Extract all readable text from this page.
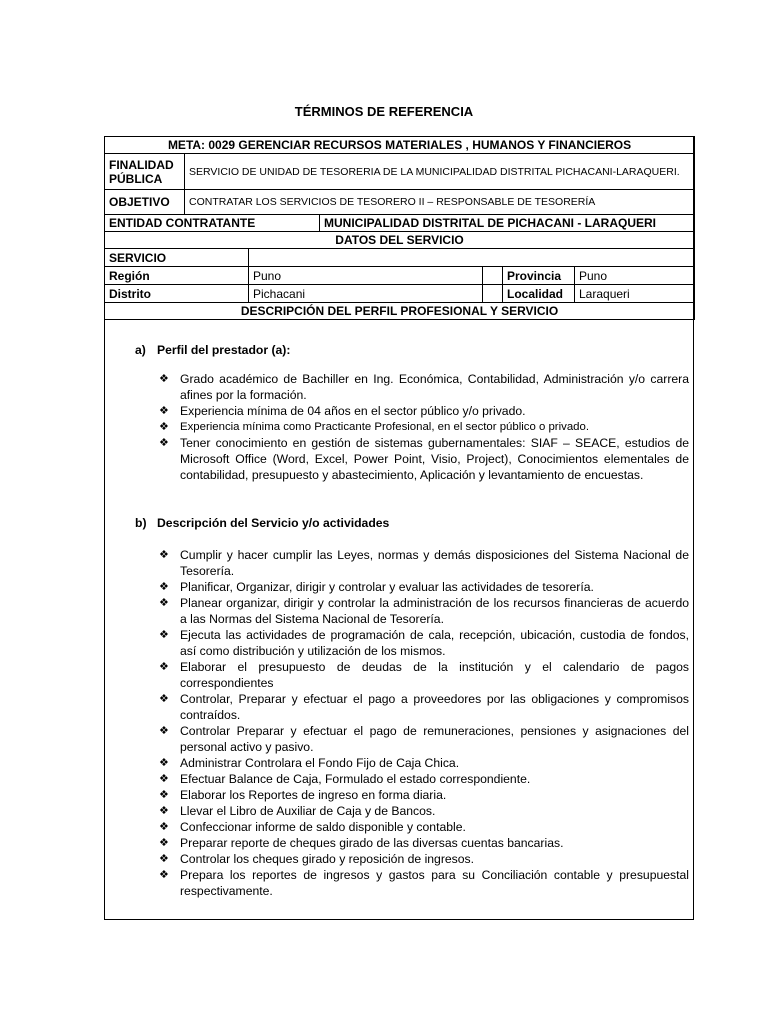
TÉRMINOS DE REFERENCIA
META: 0029 GERENCIAR RECURSOS MATERIALES , HUMANOS Y FINANCIEROS						
FINALIDAD PÚBLICA	SERVICIO DE UNIDAD DE TESORERIA DE LA MUNICIPALIDAD DISTRITAL PICHACANI-LARAQUERI.					
OBJETIVO	CONTRATAR LOS SERVICIOS DE TESORERO II – RESPONSABLE DE TESORERÍA					
ENTIDAD CONTRATANTE			MUNICIPALIDAD DISTRITAL DE PICHACANI - LARAQUERI			
DATOS DEL SERVICIO						
SERVICIO						
Región		Puno			Provincia	Puno
Distrito		Pichacani			Localidad	Laraqueri
DESCRIPCIÓN DEL PERFIL PROFESIONAL Y SERVICIO						
a) Perfil del prestador (a):
❖ Grado académico de Bachiller en Ing. Económica, Contabilidad, Administración y/o carrera afines por la formación.
❖ Experiencia mínima de 04 años en el sector público y/o privado.
❖ Experiencia mínima como Practicante Profesional, en el sector público o privado.
❖ Tener conocimiento en gestión de sistemas gubernamentales: SIAF – SEACE, estudios de Microsoft Office (Word, Excel, Power Point, Visio, Project), Conocimientos elementales de contabilidad, presupuesto y abastecimiento, Aplicación y levantamiento de encuestas.
b) Descripción del Servicio y/o actividades
❖ Cumplir y hacer cumplir las Leyes, normas y demás disposiciones del Sistema Nacional de Tesorería.
❖ Planificar, Organizar, dirigir y controlar y evaluar las actividades de tesorería.
❖ Planear organizar, dirigir y controlar la administración de los recursos financieras de acuerdo a las Normas del Sistema Nacional de Tesorería.
❖ Ejecuta las actividades de programación de cala, recepción, ubicación, custodia de fondos, así como distribución y utilización de los mismos.
❖ Elaborar el presupuesto de deudas de la institución y el calendario de pagos correspondientes
❖ Controlar, Preparar y efectuar el pago a proveedores por las obligaciones y compromisos contraídos.
❖ Controlar Preparar y efectuar el pago de remuneraciones, pensiones y asignaciones del personal activo y pasivo.
❖ Administrar Controlara el Fondo Fijo de Caja Chica.
❖ Efectuar Balance de Caja, Formulado el estado correspondiente.
❖ Elaborar los Reportes de ingreso en forma diaria.
❖ Llevar el Libro de Auxiliar de Caja y de Bancos.
❖ Confeccionar informe de saldo disponible y contable.
❖ Preparar reporte de cheques girado de las diversas cuentas bancarias.
❖ Controlar los cheques girado y reposición de ingresos.
❖ Prepara los reportes de ingresos y gastos para su Conciliación contable y presupuestal respectivamente.
